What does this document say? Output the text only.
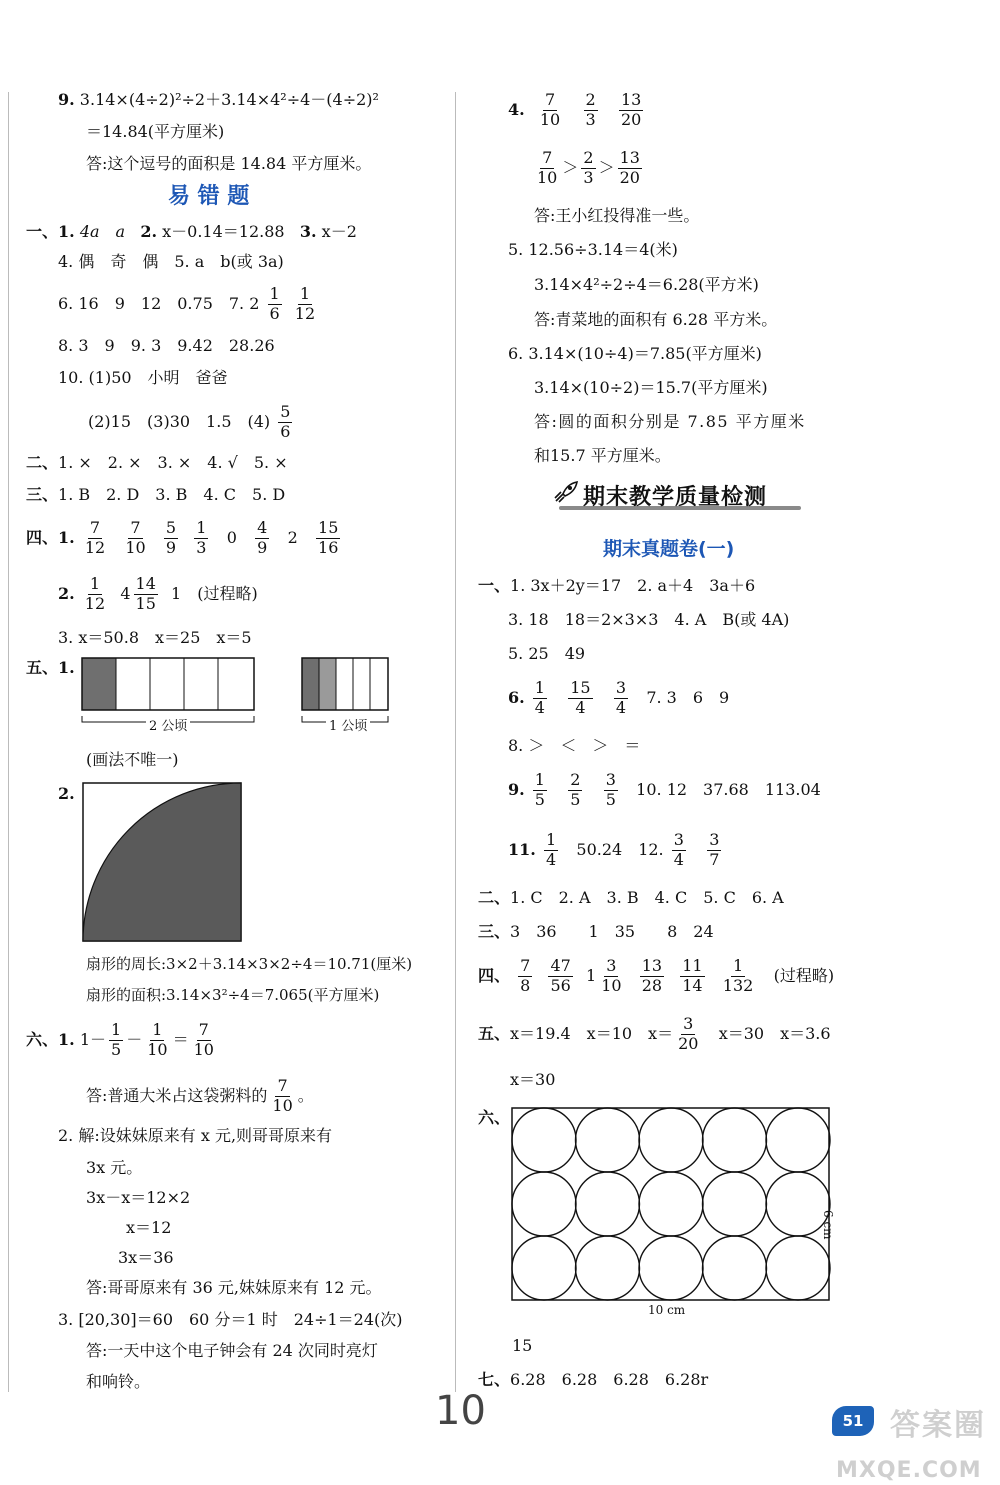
9. 3.14×(4÷2)²÷2＋3.14×4²÷4－(4÷2)²
＝14.84(平方厘米)
答:这个逗号的面积是 14.84 平方厘米。
易 错 题
一、1. 4a　a 2. x－0.14＝12.88 3. x－2
4. 偶　奇　偶　5. a　b(或 3a)
6. 16　9　12　0.75　7. $2 \frac{1}{6}$
$\frac{1}{12}$
8. 3　9　9. 3　9.42　28.26
10. (1)50　小明　爸爸
(2)15　(3)30　1.5　$(4) \frac{5}{6}$
二、1. ×　2. ×　3. ×　4. √　5. ×
三、1. B　2. D　3. B　4. C　5. D
四、1. $\frac{7}{12}$
$\frac{7}{10}$
$\frac{5}{9}$
$\frac{1}{3} 0 \frac{4}{9} 2 \frac{15}{16}$
2. $\frac{1}{12} 4 \frac{14}{15} 1$　(过程略)
3. x＝50.8　x＝25　x＝5
五、1.
2 公顷	1 公顷
(画法不唯一)
2.
扇形的周长:3×2＋3.14×3×2÷4＝10.71(厘米)
扇形的面积:3.14×3²÷4＝7.065(平方厘米)
六、1. $1- \frac{1}{5} - \frac{1}{10} = \frac{7}{10}$
答:普通大米占这袋粥料的 $\frac{7}{10}$ 。
2. 解:设妹妹原来有 x 元,则哥哥原来有
3x 元。
3x－x＝12×2
x＝12
3x＝36
答:哥哥原来有 36 元,妹妹原来有 12 元。
3. [20,30]＝60　60 分＝1 时　24÷1＝24(次)
答:一天中这个电子钟会有 24 次同时亮灯
和响铃。
4. $\frac{7}{10}$
$\frac{2}{3}$
$\frac{13}{20}$
$\frac{7}{10} > \frac{2}{3} > \frac{13}{20}$
答:王小红投得准一些。
5. 12.56÷3.14＝4(米)
3.14×4²÷2÷4＝6.28(平方米)
答:青菜地的面积有 6.28 平方米。
6. 3.14×(10÷4)＝7.85(平方厘米)
3.14×(10÷2)＝15.7(平方厘米)
答:圆的面积分别是 7.85 平方厘米
和15.7 平方厘米。
期末教学质量检测
期末真题卷(一)
一、1. 3x＋2y＝17　2. a＋4　3a＋6
3. 18　18＝2×3×3　4. A　B(或 4A)
5. 25　49
6. $\frac{1}{4}$
$\frac{15}{4}$
$\frac{3}{4} 7$. 3　6　9
8. ＞　＜　＞　＝
9. $\frac{1}{5}$
$\frac{2}{5}$
$\frac{3}{5} 10$. 12　37.68　113.04
11. $\frac{1}{4} 50.24$　12. $\frac{3}{4}$
$\frac{3}{7}$
二、1. C　2. A　3. B　4. C　5. C　6. A
三、3　36　　1　35　　8　24
四、 $\frac{7}{8}$
$\frac{47}{56} 1 \frac{3}{10}$
$\frac{13}{28}$
$\frac{11}{14}$
$\frac{1}{132}$ (过程略)
五、x＝19.4　x＝10　$x= \frac{3}{20} x=30$　x＝3.6
x＝30
六、
10 cm
6 cm
15
七、6.28　6.28　6.28　6.28r
10	51 答案圈
MXQE.COM
